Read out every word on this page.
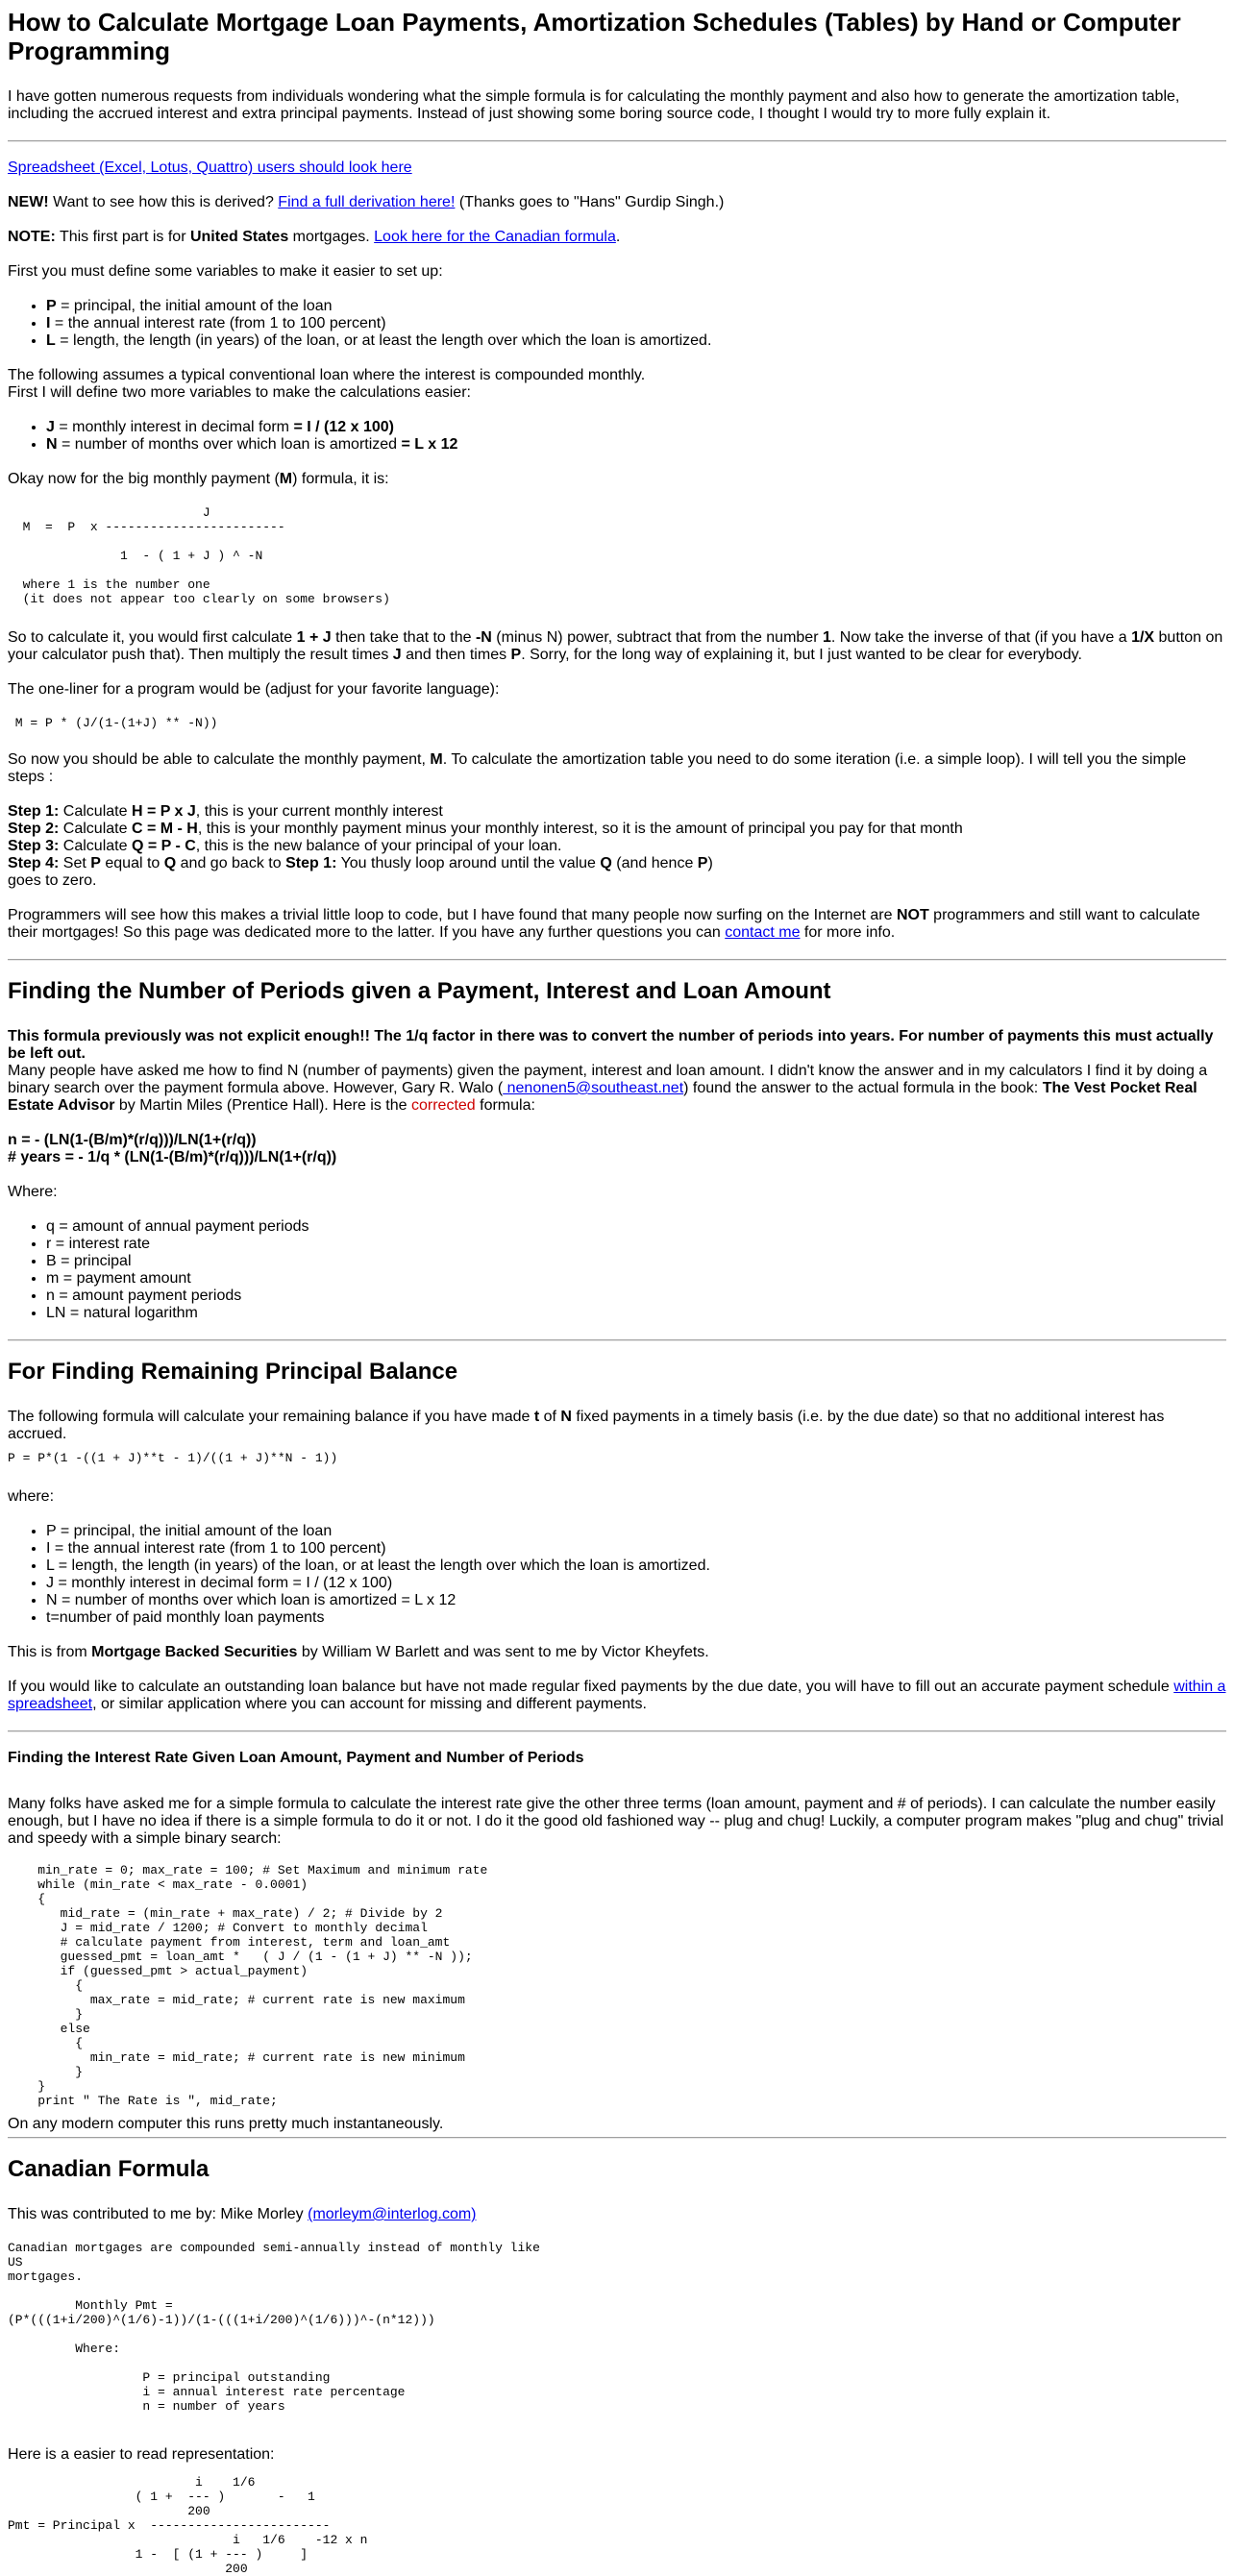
How to Calculate Mortgage Loan Payments, Amortization Schedules (Tables) by Hand or Computer Programming

I have gotten numerous requests from individuals wondering what the simple formula is for calculating the monthly payment and also how to generate the amortization table, including the accrued interest and extra principal payments. Instead of just showing some boring source code, I thought I would try to more fully explain it.

Spreadsheet (Excel, Lotus, Quattro) users should look here

NEW! Want to see how this is derived? Find a full derivation here! (Thanks goes to "Hans" Gurdip Singh.)

NOTE: This first part is for United States mortgages. Look here for the Canadian formula.

First you must define some variables to make it easier to set up:

• P = principal, the initial amount of the loan
• I = the annual interest rate (from 1 to 100 percent)
• L = length, the length (in years) of the loan, or at least the length over which the loan is amortized.

The following assumes a typical conventional loan where the interest is compounded monthly.
First I will define two more variables to make the calculations easier:

• J = monthly interest in decimal form = I / (12 x 100)
• N = number of months over which loan is amortized = L x 12

Okay now for the big monthly payment (M) formula, it is:

J
M  =  P  x ------------------------

1  - ( 1 + J ) ^ -N

where 1 is the number one
(it does not appear too clearly on some browsers)

So to calculate it, you would first calculate 1 + J then take that to the -N (minus N) power, subtract that from the number 1. Now take the inverse of that (if you have a 1/X button on your calculator push that). Then multiply the result times J and then times P. Sorry, for the long way of explaining it, but I just wanted to be clear for everybody.

The one-liner for a program would be (adjust for your favorite language):

M = P * (J/(1-(1+J) ** -N))

So now you should be able to calculate the monthly payment, M. To calculate the amortization table you need to do some iteration (i.e. a simple loop). I will tell you the simple steps :

Step 1: Calculate H = P x J, this is your current monthly interest
Step 2: Calculate C = M - H, this is your monthly payment minus your monthly interest, so it is the amount of principal you pay for that month
Step 3: Calculate Q = P - C, this is the new balance of your principal of your loan.
Step 4: Set P equal to Q and go back to Step 1: You thusly loop around until the value Q (and hence P)
goes to zero.

Programmers will see how this makes a trivial little loop to code, but I have found that many people now surfing on the Internet are NOT programmers and still want to calculate their mortgages! So this page was dedicated more to the latter. If you have any further questions you can contact me for more info.

Finding the Number of Periods given a Payment, Interest and Loan Amount

This formula previously was not explicit enough!! The 1/q factor in there was to convert the number of periods into years. For number of payments this must actually be left out.
Many people have asked me how to find N (number of payments) given the payment, interest and loan amount. I didn't know the answer and in my calculators I find it by doing a binary search over the payment formula above. However, Gary R. Walo ( nenonen5@southeast.net) found the answer to the actual formula in the book: The Vest Pocket Real Estate Advisor by Martin Miles (Prentice Hall). Here is the corrected formula:

n = - (LN(1-(B/m)*(r/q)))/LN(1+(r/q))
# years = - 1/q * (LN(1-(B/m)*(r/q)))/LN(1+(r/q))

Where:

• q = amount of annual payment periods
• r = interest rate
• B = principal
• m = payment amount
• n = amount payment periods
• LN = natural logarithm
For Finding Remaining Principal Balance

The following formula will calculate your remaining balance if you have made t of N fixed payments in a timely basis (i.e. by the due date) so that no additional interest has accrued.

P = P*(1 -((1 + J)**t - 1)/((1 + J)**N - 1))

where:

• P = principal, the initial amount of the loan
• I = the annual interest rate (from 1 to 100 percent)
• L = length, the length (in years) of the loan, or at least the length over which the loan is amortized.
• J = monthly interest in decimal form = I / (12 x 100)
• N = number of months over which loan is amortized = L x 12
• t=number of paid monthly loan payments

This is from Mortgage Backed Securities by William W Barlett and was sent to me by Victor Kheyfets.

If you would like to calculate an outstanding loan balance but have not made regular fixed payments by the due date, you will have to fill out an accurate payment schedule within a spreadsheet, or similar application where you can account for missing and different payments.

Finding the Interest Rate Given Loan Amount, Payment and Number of Periods

Many folks have asked me for a simple formula to calculate the interest rate give the other three terms (loan amount, payment and # of periods). I can calculate the number easily enough, but I have no idea if there is a simple formula to do it or not. I do it the good old fashioned way -- plug and chug! Luckily, a computer program makes "plug and chug" trivial and speedy with a simple binary search:

min_rate = 0; max_rate = 100; # Set Maximum and minimum rate
while (min_rate < max_rate - 0.0001)
{
mid_rate = (min_rate + max_rate) / 2; # Divide by 2
J = mid_rate / 1200; # Convert to monthly decimal
# calculate payment from interest, term and loan_amt
guessed_pmt = loan_amt *   ( J / (1 - (1 + J) ** -N ));
if (guessed_pmt > actual_payment)
{
max_rate = mid_rate; # current rate is new maximum
}
else
{
min_rate = mid_rate; # current rate is new minimum
}
}
print " The Rate is ", mid_rate;

On any modern computer this runs pretty much instantaneously.

Canadian Formula

This was contributed to me by: Mike Morley (morleym@interlog.com)

Canadian mortgages are compounded semi-annually instead of monthly like
US
mortgages.

Monthly Pmt =
(P*(((1+i/200)^(1/6)-1))/(1-(((1+i/200)^(1/6)))^-(n*12)))

Where:

P = principal outstanding
i = annual interest rate percentage
n = number of years

Here is a easier to read representation:

i    1/6
( 1 +  --- )       -   1
200
Pmt = Principal x  ------------------------
i   1/6    -12 x n
1 -  [ (1 + --- )     ]
200
